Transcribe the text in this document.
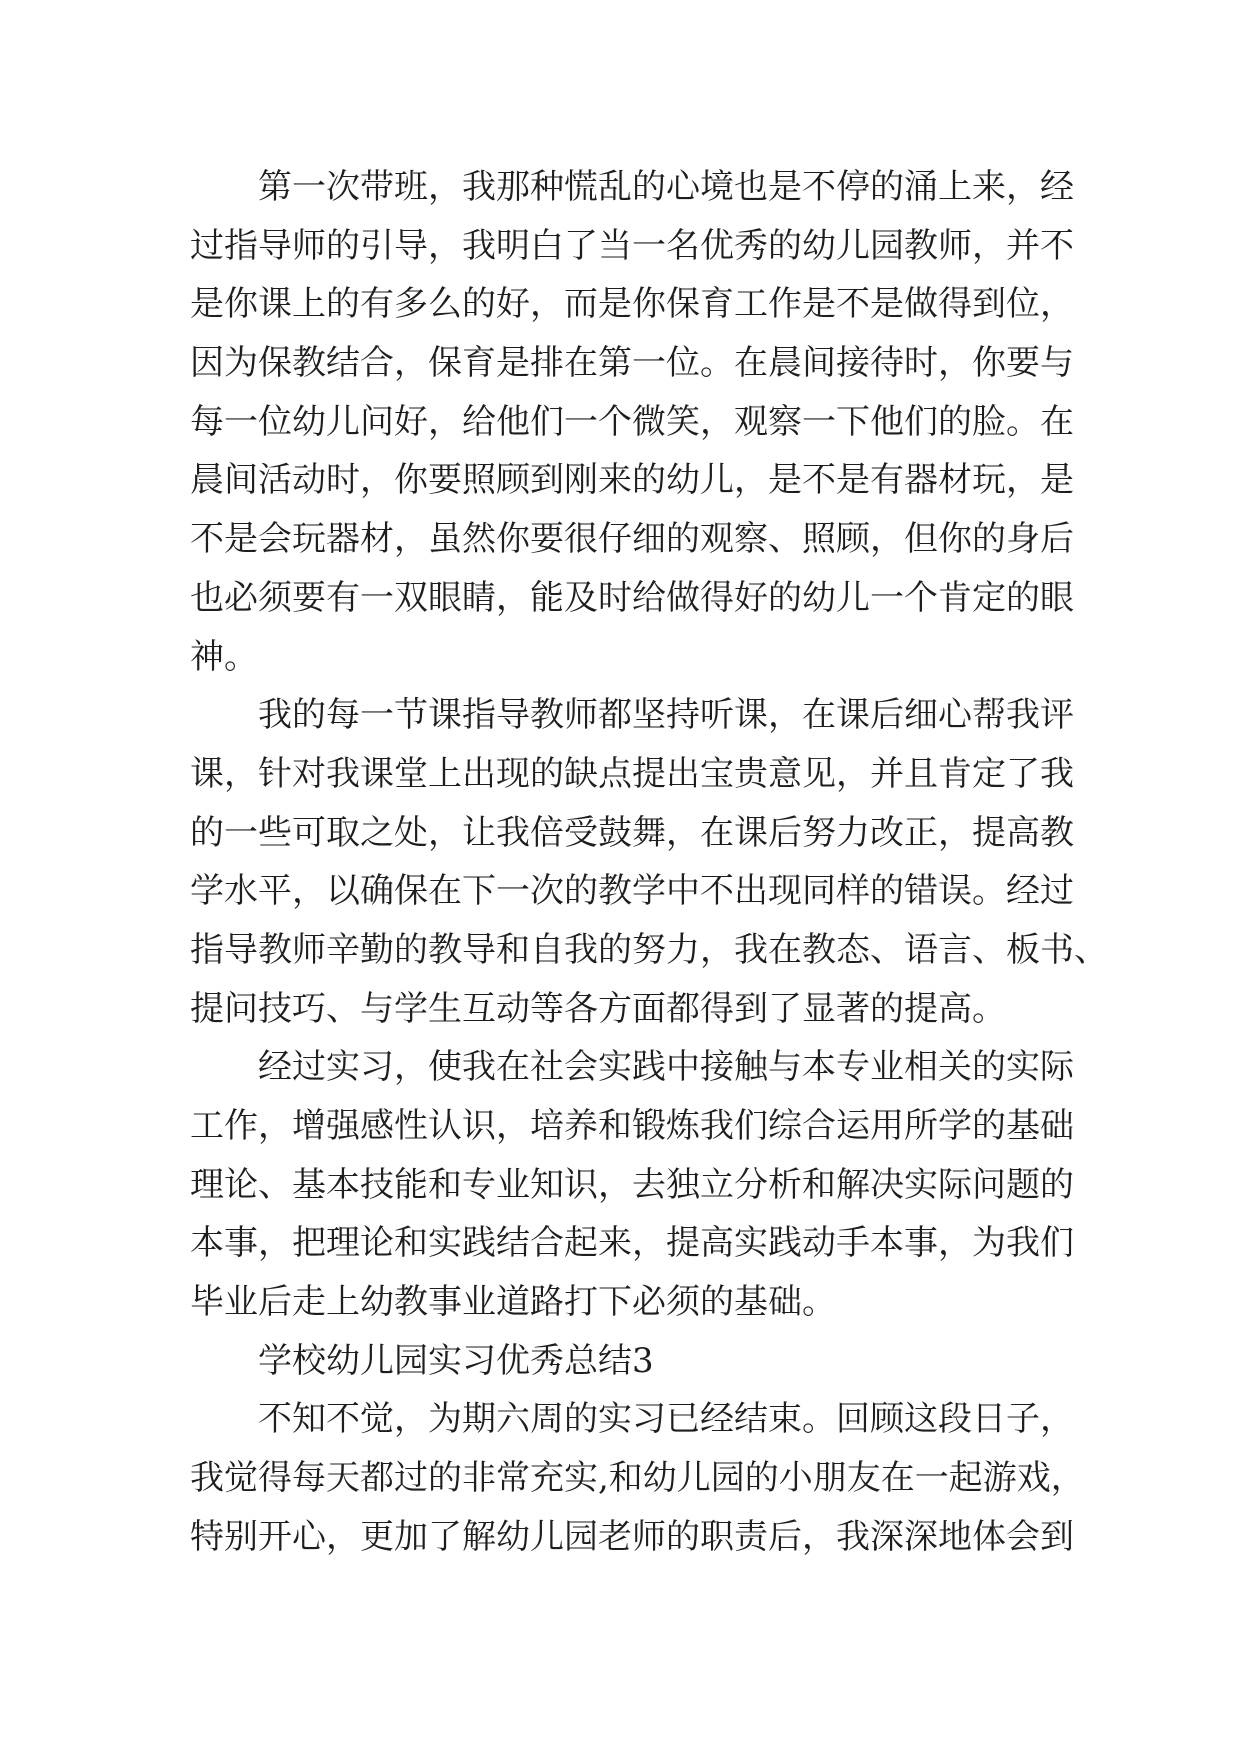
第一次带班，我那种慌乱的心境也是不停的涌上来，经
过指导师的引导，我明白了当一名优秀的幼儿园教师，并不
是你课上的有多么的好，而是你保育工作是不是做得到位，
因为保教结合，保育是排在第一位。在晨间接待时，你要与
每一位幼儿问好，给他们一个微笑，观察一下他们的脸。在
晨间活动时，你要照顾到刚来的幼儿，是不是有器材玩，是
不是会玩器材，虽然你要很仔细的观察、照顾，但你的身后
也必须要有一双眼睛，能及时给做得好的幼儿一个肯定的眼
神。
我的每一节课指导教师都坚持听课，在课后细心帮我评
课，针对我课堂上出现的缺点提出宝贵意见，并且肯定了我
的一些可取之处，让我倍受鼓舞，在课后努力改正，提高教
学水平，以确保在下一次的教学中不出现同样的错误。经过
指导教师辛勤的教导和自我的努力，我在教态、语言、板书、
提问技巧、与学生互动等各方面都得到了显著的提高。
经过实习，使我在社会实践中接触与本专业相关的实际
工作，增强感性认识，培养和锻炼我们综合运用所学的基础
理论、基本技能和专业知识，去独立分析和解决实际问题的
本事，把理论和实践结合起来，提高实践动手本事，为我们
毕业后走上幼教事业道路打下必须的基础。
学校幼儿园实习优秀总结3
不知不觉，为期六周的实习已经结束。回顾这段日子，
我觉得每天都过的非常充实,和幼儿园的小朋友在一起游戏，
特别开心，更加了解幼儿园老师的职责后，我深深地体会到
